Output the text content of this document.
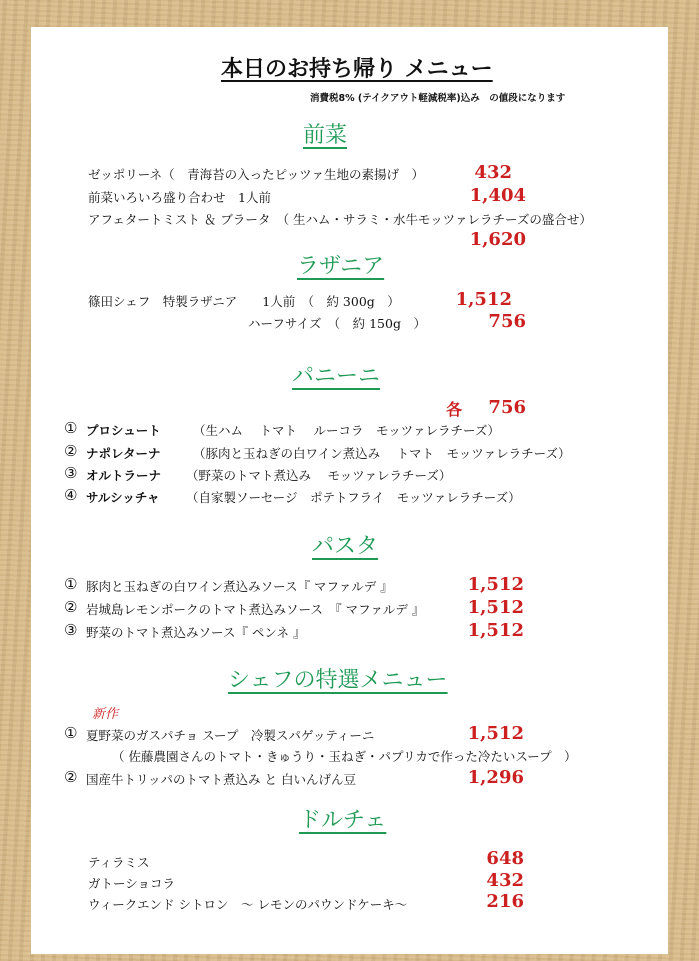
本日のお持ち帰り メニュー
消費税8% (テイクアウト軽減税率)込み　の値段になります
前菜
ゼッポリーネ（　青海苔の入ったピッツァ生地の素揚げ　）	432
前菜いろいろ盛り合わせ　1人前	1,404
アフェタートミスト ＆ ブラータ　（ 生ハム・サラミ・水牛モッツァレラチーズの盛合せ）
1,620
ラザニア
篠田シェフ　特製ラザニア　　1人前　（　約 300g　）	1,512
ハーフサイズ　（　約 150g　）	756
パニーニ
各	756
① プロシュート	（生ハム　 トマト　 ルーコラ　モッツァレラチーズ）
② ナポレターナ	（豚肉と玉ねぎの白ワイン煮込み　 トマト　モッツァレラチーズ）
③ オルトラーナ （野菜のトマト煮込み　 モッツァレラチーズ）
④ サルシッチャ （自家製ソーセージ　ポテトフライ　モッツァレラチーズ）
パスタ
① 豚肉と玉ねぎの白ワイン煮込みソース『 マファルデ 』	1,512
② 岩城島レモンポークのトマト煮込みソース　『 マファルデ 』	1,512
③ 野菜のトマト煮込みソース『 ペンネ 』	1,512
シェフの特選メニュー
新作
① 夏野菜のガスパチョ スープ　冷製スパゲッティーニ	1,512
（ 佐藤農園さんのトマト・きゅうり・玉ねぎ・パプリカで作った冷たいスープ　）
② 国産牛トリッパのトマト煮込み と 白いんげん豆	1,296
ドルチェ
ティラミス	648
ガトーショコラ	432
ウィークエンド シトロン　～ レモンのパウンドケーキ～	216
